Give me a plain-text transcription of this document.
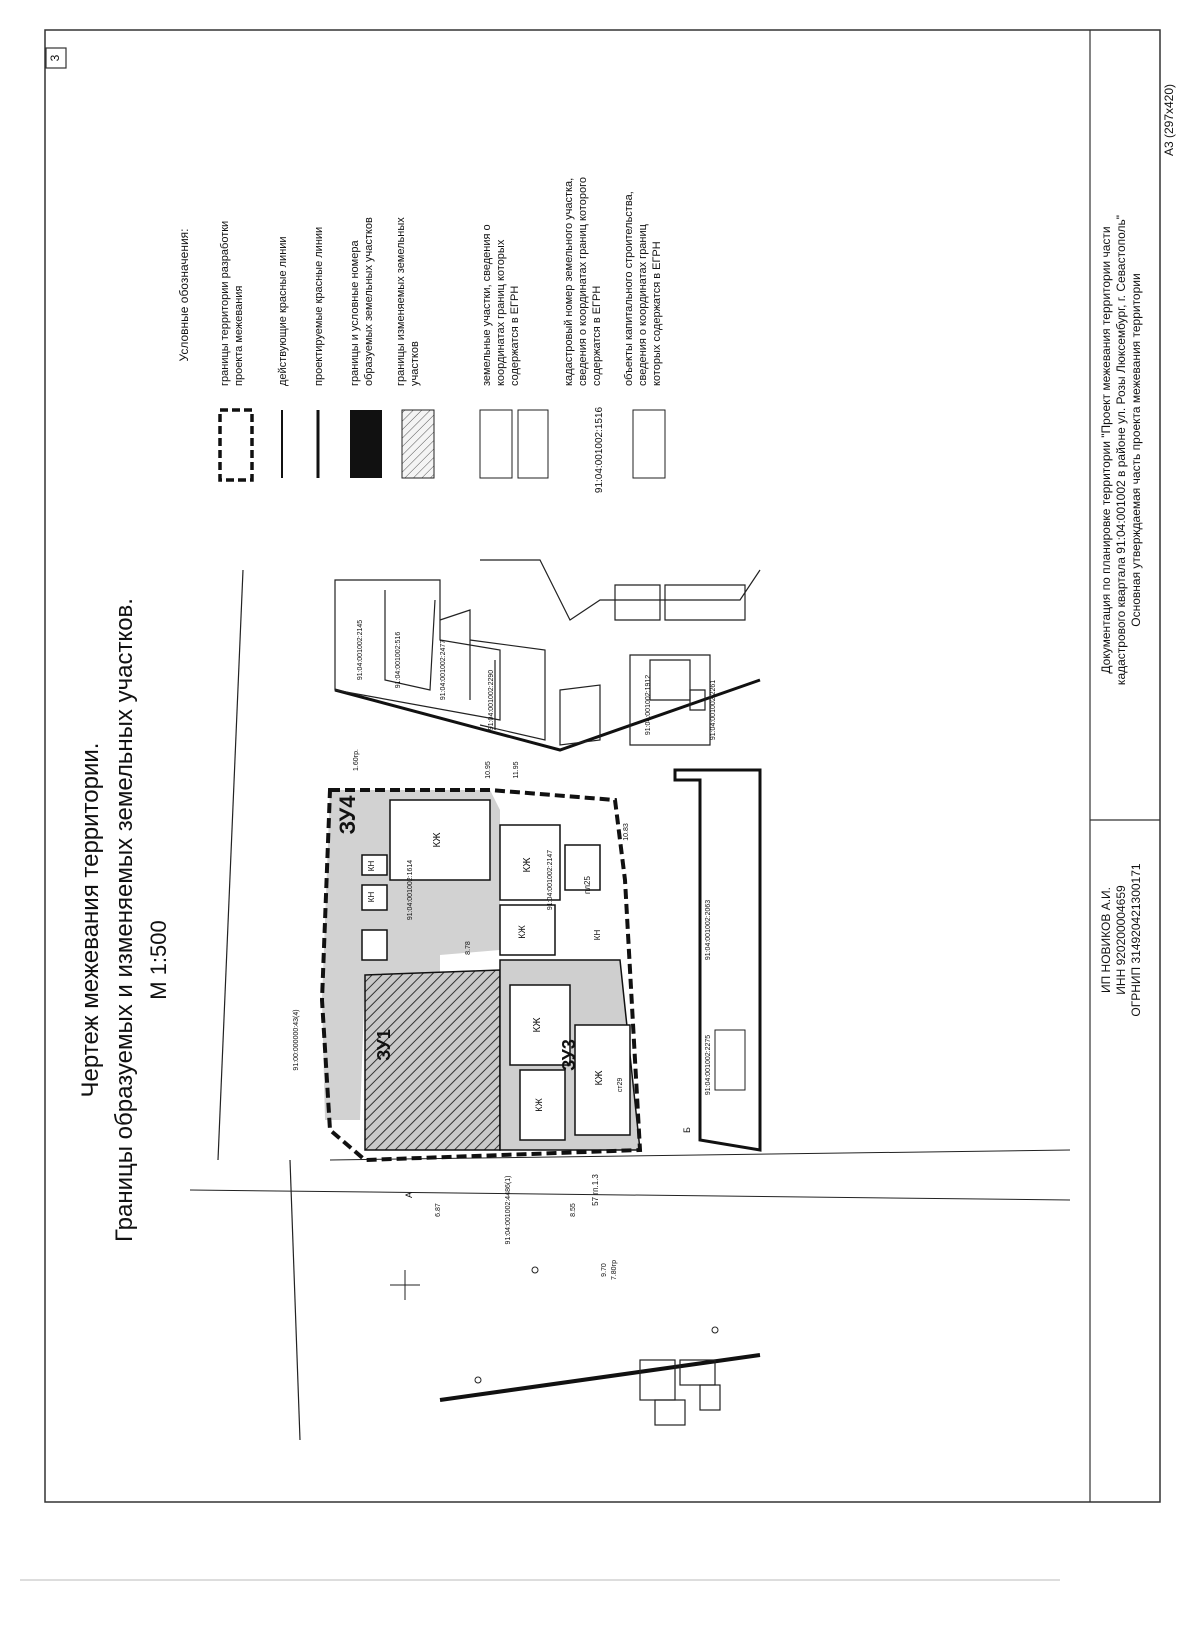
3
Чертеж межевания территории. Границы образуемых и изменяемых земельных участков. М 1:500
91:04:001002:2145	91:04:001002:516	91:04:001002:2477	91:04:001002:2290	91:04:001002:1912	91:04:001002:2261
91:04:001002:2063
91:04:001002:2275
КЖ
КЖ
КЖ
КЖ
КЖ
КЖ
КН
КН
КН
пл25
ст29
ЗУ4
ЗУ1	ЗУ3
91:00:000000:43(4)
91:04:001002:1614	91:04:001002:2147
91:04:001002:4486(1)	57 гп.1.3
1.60гр.	11.95
10.95
8.78
10.83
9.70 7.80гр
6.87	8.55
А
Б
Условные обозначения:
91:04:001002:1516
границы территории разработки проекта межевания	действующие красные линии проектируемые красные линии границы и условные номера образуемых земельных участков границы изменяемых земельных участков	земельные участки, сведения о координатах границ которых содержатся в ЕГРН	кадастровый номер земельного участка, сведения о координатах границ которого содержатся в ЕГРН объекты капитального строительства, сведения о координатах границ которых содержатся в ЕГРН
ИП НОВИКОВ А.И. ИНН 920200004659 ОГРНИП 314920421300171
Документация по планировке территории "Проект межевания территории части кадастрового квартала 91:04:001002 в районе ул. Розы Люксембург, г. Севастополь" Основная утверждаемая часть проекта межевания территории
А3 (297x420)
